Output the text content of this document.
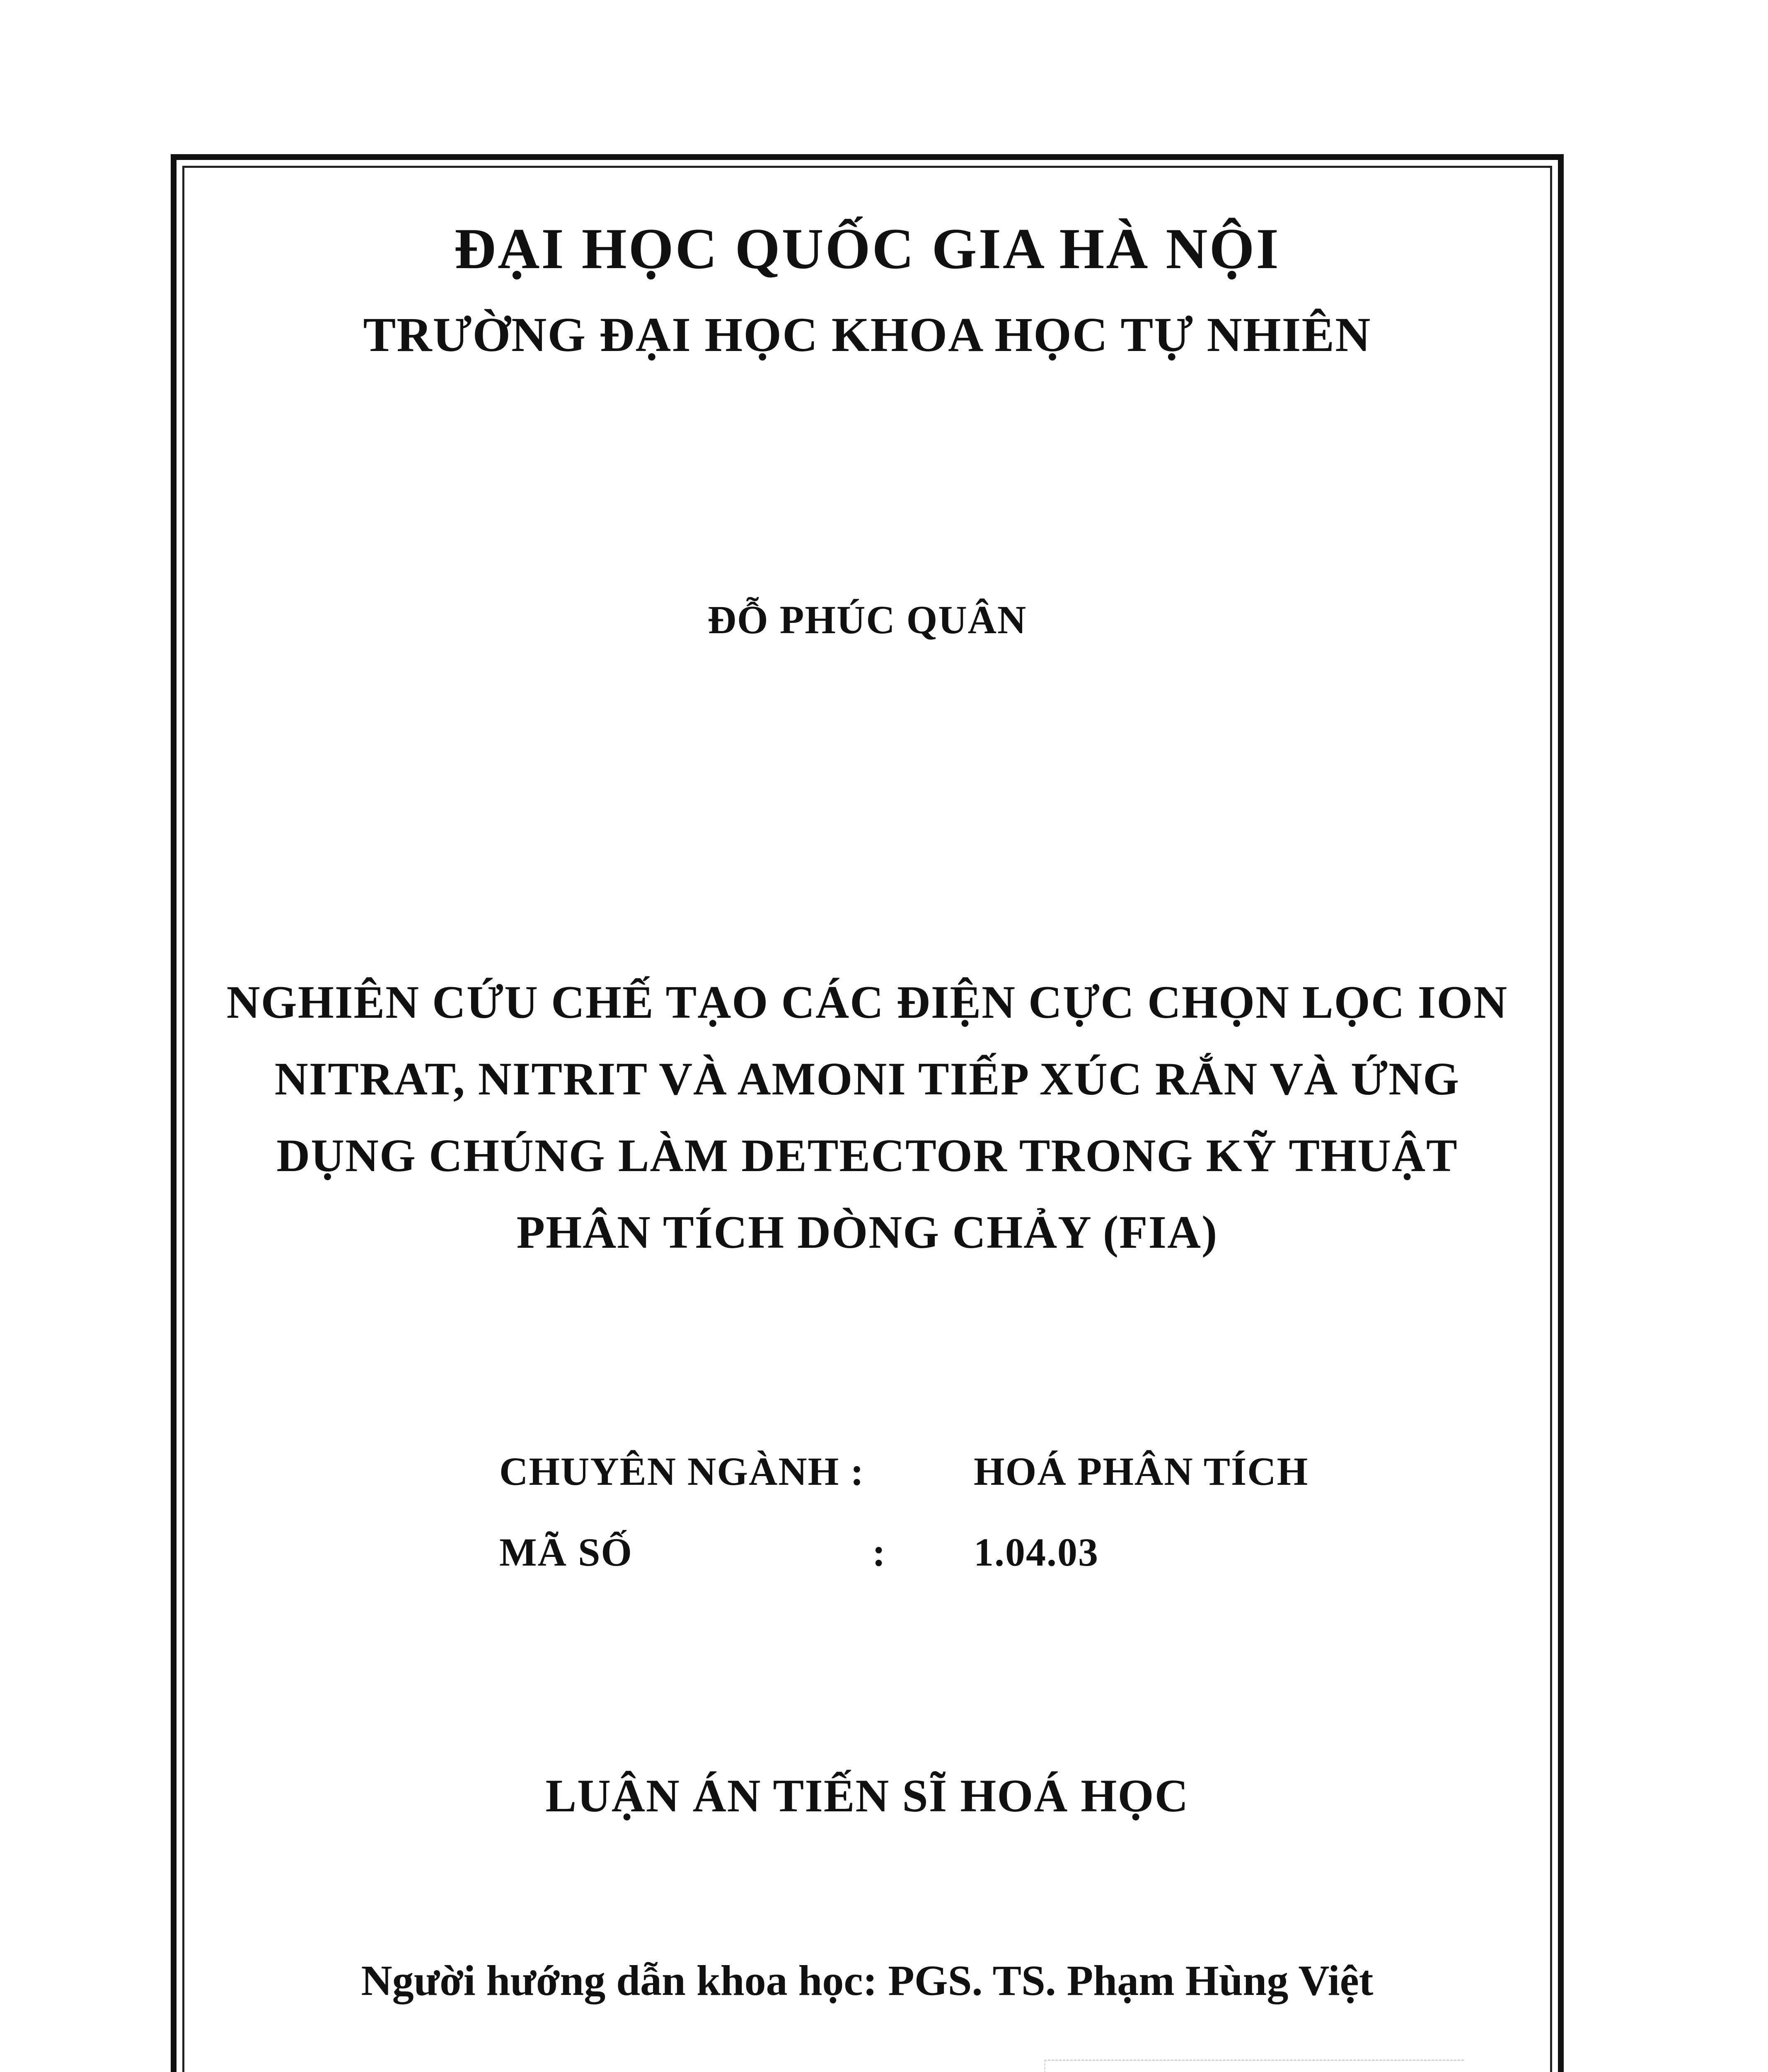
ĐẠI HỌC QUỐC GIA HÀ NỘI
TRƯỜNG ĐẠI HỌC KHOA HỌC TỰ NHIÊN
ĐỖ PHÚC QUÂN
NGHIÊN CỨU CHẾ TẠO CÁC ĐIỆN CỰC CHỌN LỌC ION
NITRAT, NITRIT VÀ AMONI TIẾP XÚC RẮN VÀ ỨNG
DỤNG CHÚNG LÀM DETECTOR TRONG KỸ THUẬT
PHÂN TÍCH DÒNG CHẢY (FIA)
CHUYÊN NGÀNH :	HOÁ PHÂN TÍCH
MÃ SỐ	: 1.04.03
LUẬN ÁN TIẾN SĨ HOÁ HỌC
Người hướng dẫn khoa học: PGS. TS. Phạm Hùng Việt
